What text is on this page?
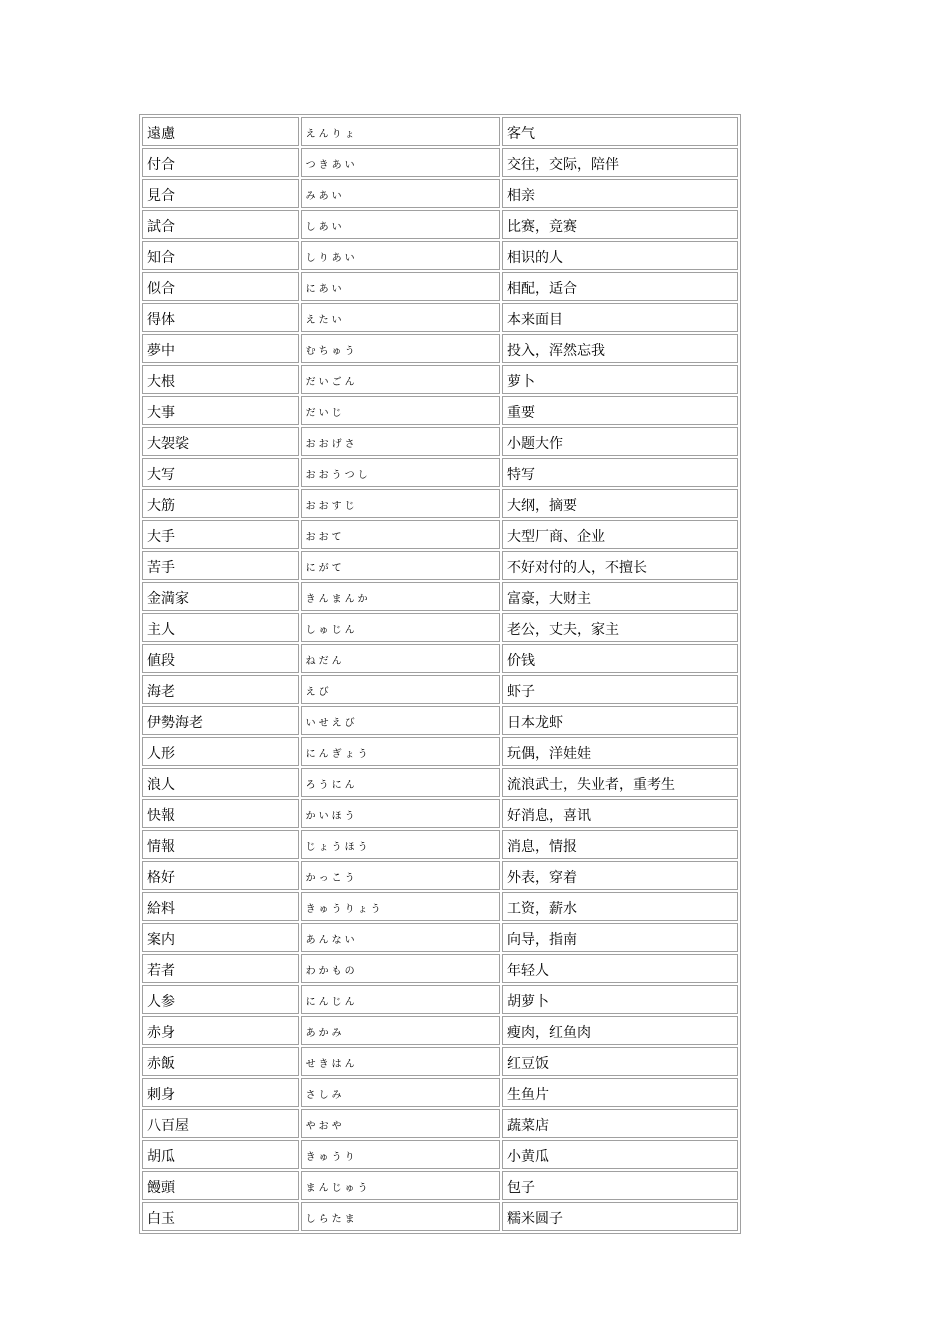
遠慮	えんりょ	客气
付合	つきあい	交往，交际，陪伴
見合	みあい	相亲
試合	しあい	比赛，竞赛
知合	しりあい	相识的人
似合	にあい	相配，适合
得体	えたい	本来面目
夢中	むちゅう	投入，浑然忘我
大根	だいごん	萝卜
大事	だいじ	重要
大袈裟	おおげさ	小题大作
大写	おおうつし	特写
大筋	おおすじ	大纲，摘要
大手	おおて	大型厂商、企业
苦手	にがて	不好对付的人，不擅长
金満家	きんまんか	富豪，大财主
主人	しゅじん	老公，丈夫，家主
値段	ねだん	价钱
海老	えび	虾子
伊勢海老	いせえび	日本龙虾
人形	にんぎょう	玩偶，洋娃娃
浪人	ろうにん	流浪武士，失业者，重考生
快報	かいほう	好消息，喜讯
情報	じょうほう	消息，情报
格好	かっこう	外表，穿着
給料	きゅうりょう	工资，薪水
案内	あんない	向导，指南
若者	わかもの	年轻人
人参	にんじん	胡萝卜
赤身	あかみ	瘦肉，红鱼肉
赤飯	せきはん	红豆饭
刺身	さしみ	生鱼片
八百屋	やおや	蔬菜店
胡瓜	きゅうり	小黄瓜
饅頭	まんじゅう	包子
白玉	しらたま	糯米圆子
